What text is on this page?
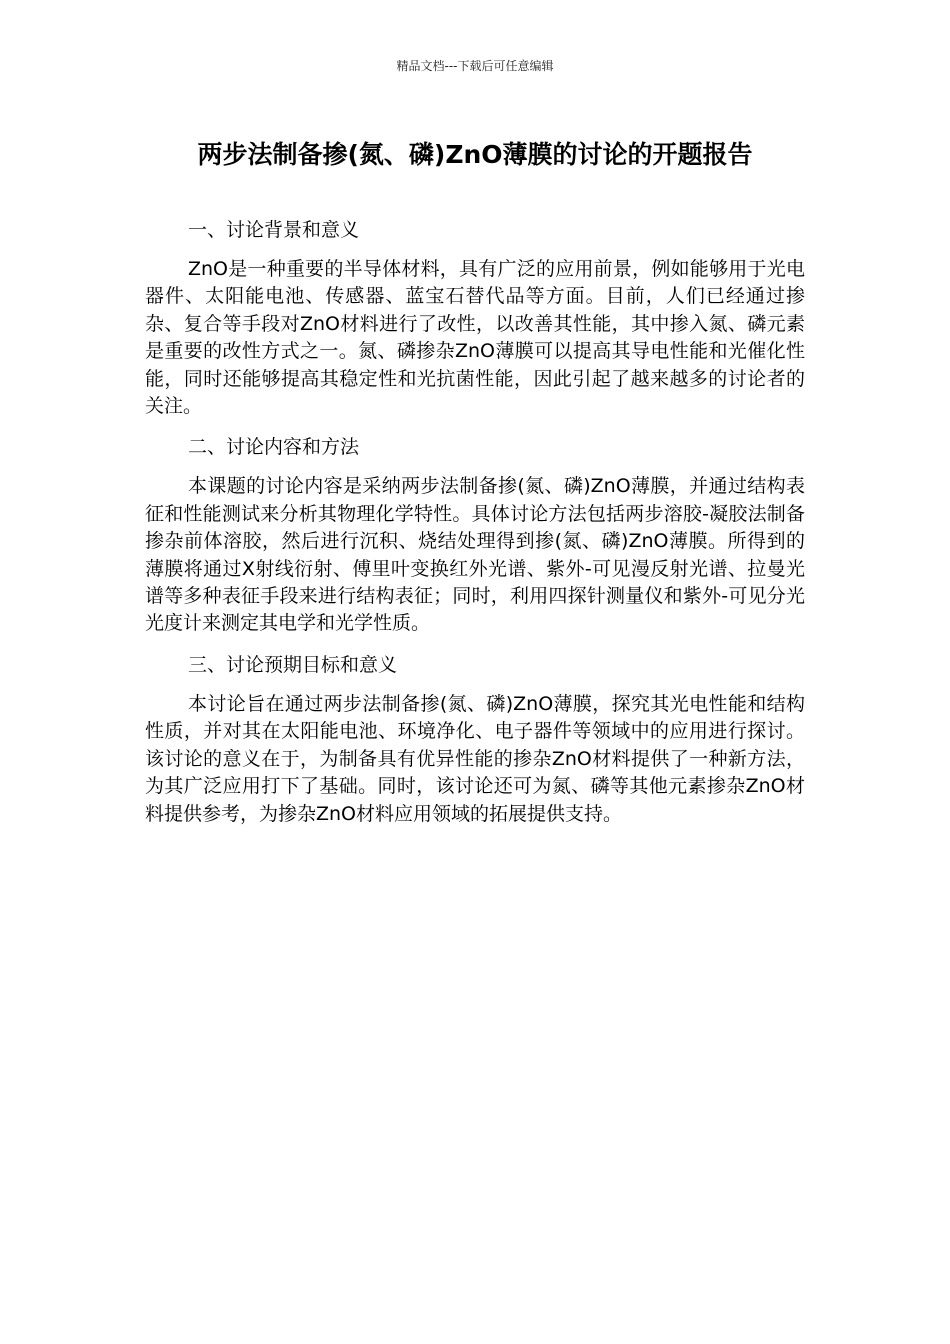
精品文档---下载后可任意编辑
两步法制备掺(氮、磷)ZnO薄膜的讨论的开题报告
一、讨论背景和意义

ZnO是一种重要的半导体材料，具有广泛的应用前景，例如能够用于光电器件、太阳能电池、传感器、蓝宝石替代品等方面。目前，人们已经通过掺杂、复合等手段对ZnO材料进行了改性，以改善其性能，其中掺入氮、磷元素是重要的改性方式之一。氮、磷掺杂ZnO薄膜可以提高其导电性能和光催化性能，同时还能够提高其稳定性和光抗菌性能，因此引起了越来越多的讨论者的关注。

二、讨论内容和方法

本课题的讨论内容是采纳两步法制备掺(氮、磷)ZnO薄膜，并通过结构表征和性能测试来分析其物理化学特性。具体讨论方法包括两步溶胶-凝胶法制备掺杂前体溶胶，然后进行沉积、烧结处理得到掺(氮、磷)ZnO薄膜。所得到的薄膜将通过X射线衍射、傅里叶变换红外光谱、紫外-可见漫反射光谱、拉曼光谱等多种表征手段来进行结构表征；同时，利用四探针测量仪和紫外-可见分光光度计来测定其电学和光学性质。

三、讨论预期目标和意义

本讨论旨在通过两步法制备掺(氮、磷)ZnO薄膜，探究其光电性能和结构性质，并对其在太阳能电池、环境净化、电子器件等领域中的应用进行探讨。该讨论的意义在于，为制备具有优异性能的掺杂ZnO材料提供了一种新方法，为其广泛应用打下了基础。同时，该讨论还可为氮、磷等其他元素掺杂ZnO材料提供参考，为掺杂ZnO材料应用领域的拓展提供支持。
